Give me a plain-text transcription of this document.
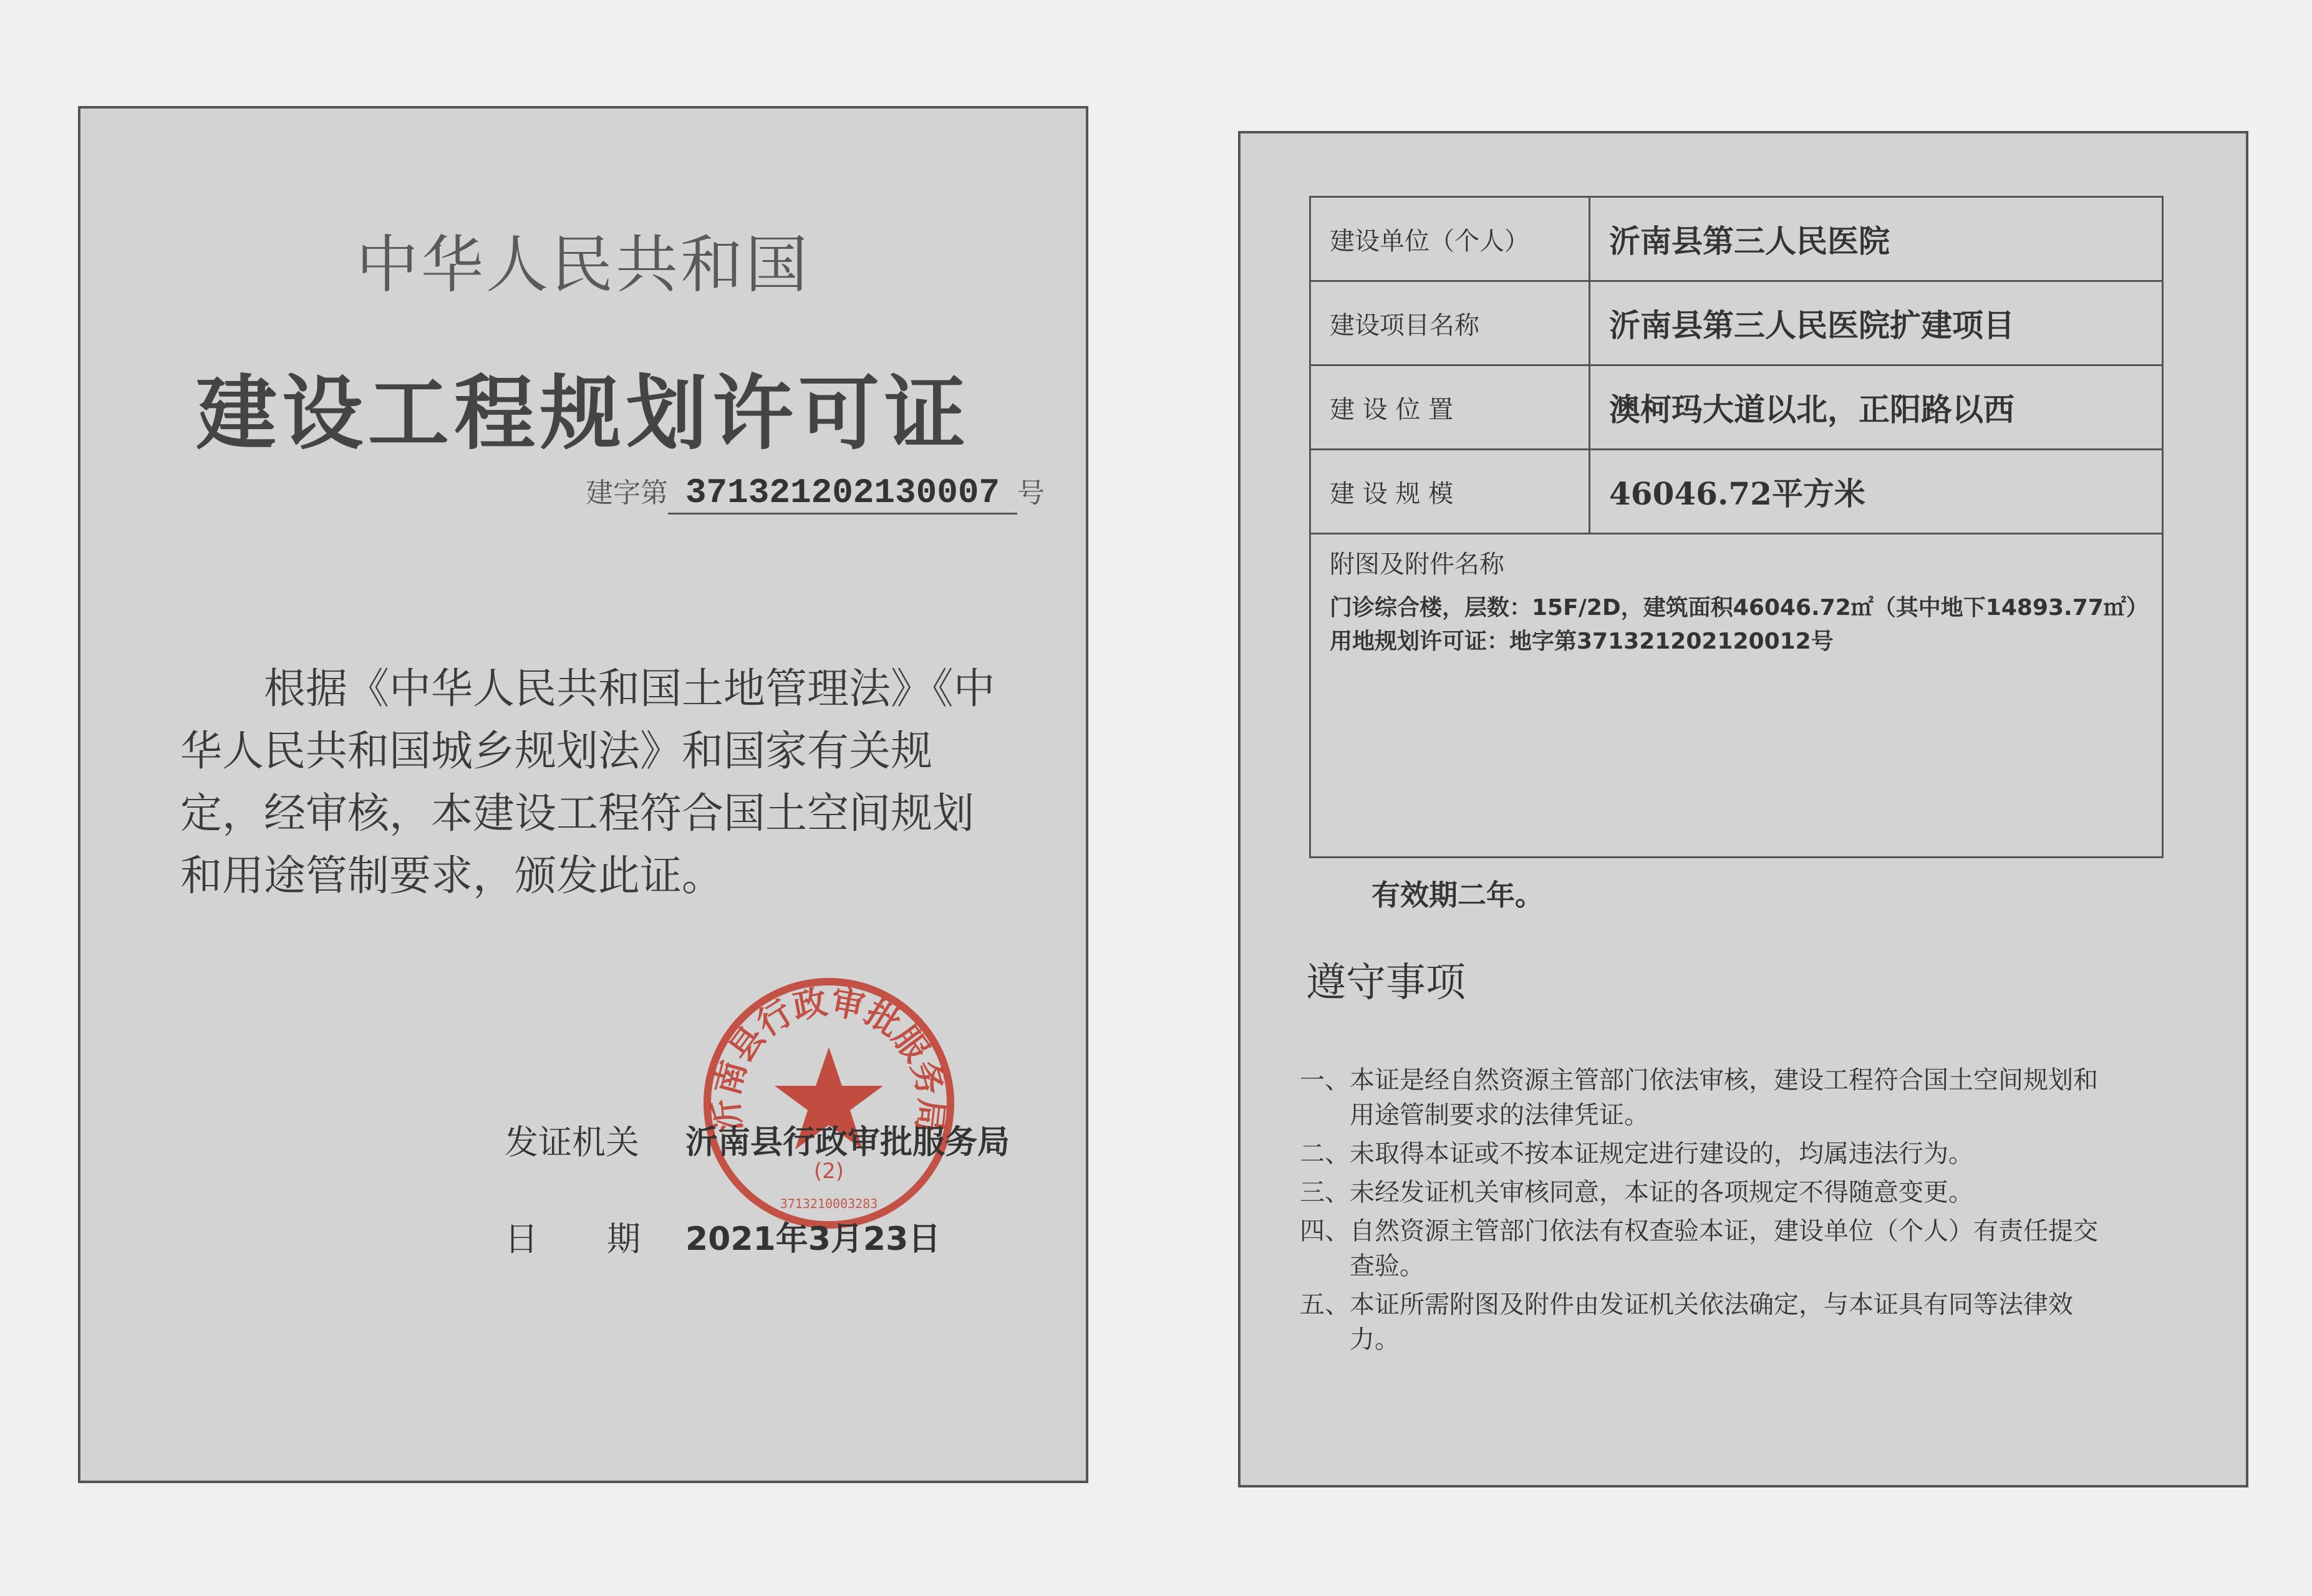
中华人民共和国
建设工程规划许可证
建字第 371321202130007 号
根据《中华人民共和国土地管理法》《中华人民共和国城乡规划法》和国家有关规定，经审核，本建设工程符合国土空间规划和用途管制要求，颁发此证。
沂南县行政审批服务局
(2)
3713210003283
发证机关 沂南县行政审批服务局
日期
2021年3月23日
建设单位（个人）	沂南县第三人民医院
建设项目名称	沂南县第三人民医院扩建项目
建 设 位 置	澳柯玛大道以北，正阳路以西
建 设 规 模	46046.72平方米

附图及附件名称
门诊综合楼，层数：15F/2D，建筑面积46046.72㎡（其中地下14893.77㎡）
用地规划许可证：地字第371321202120012号	
有效期二年。
遵守事项
一、 本证是经自然资源主管部门依法审核，建设工程符合国土空间规划和用途管制要求的法律凭证。
二、 未取得本证或不按本证规定进行建设的，均属违法行为。
三、 未经发证机关审核同意，本证的各项规定不得随意变更。
四、 自然资源主管部门依法有权查验本证，建设单位（个人）有责任提交查验。
五、 本证所需附图及附件由发证机关依法确定，与本证具有同等法律效力。
